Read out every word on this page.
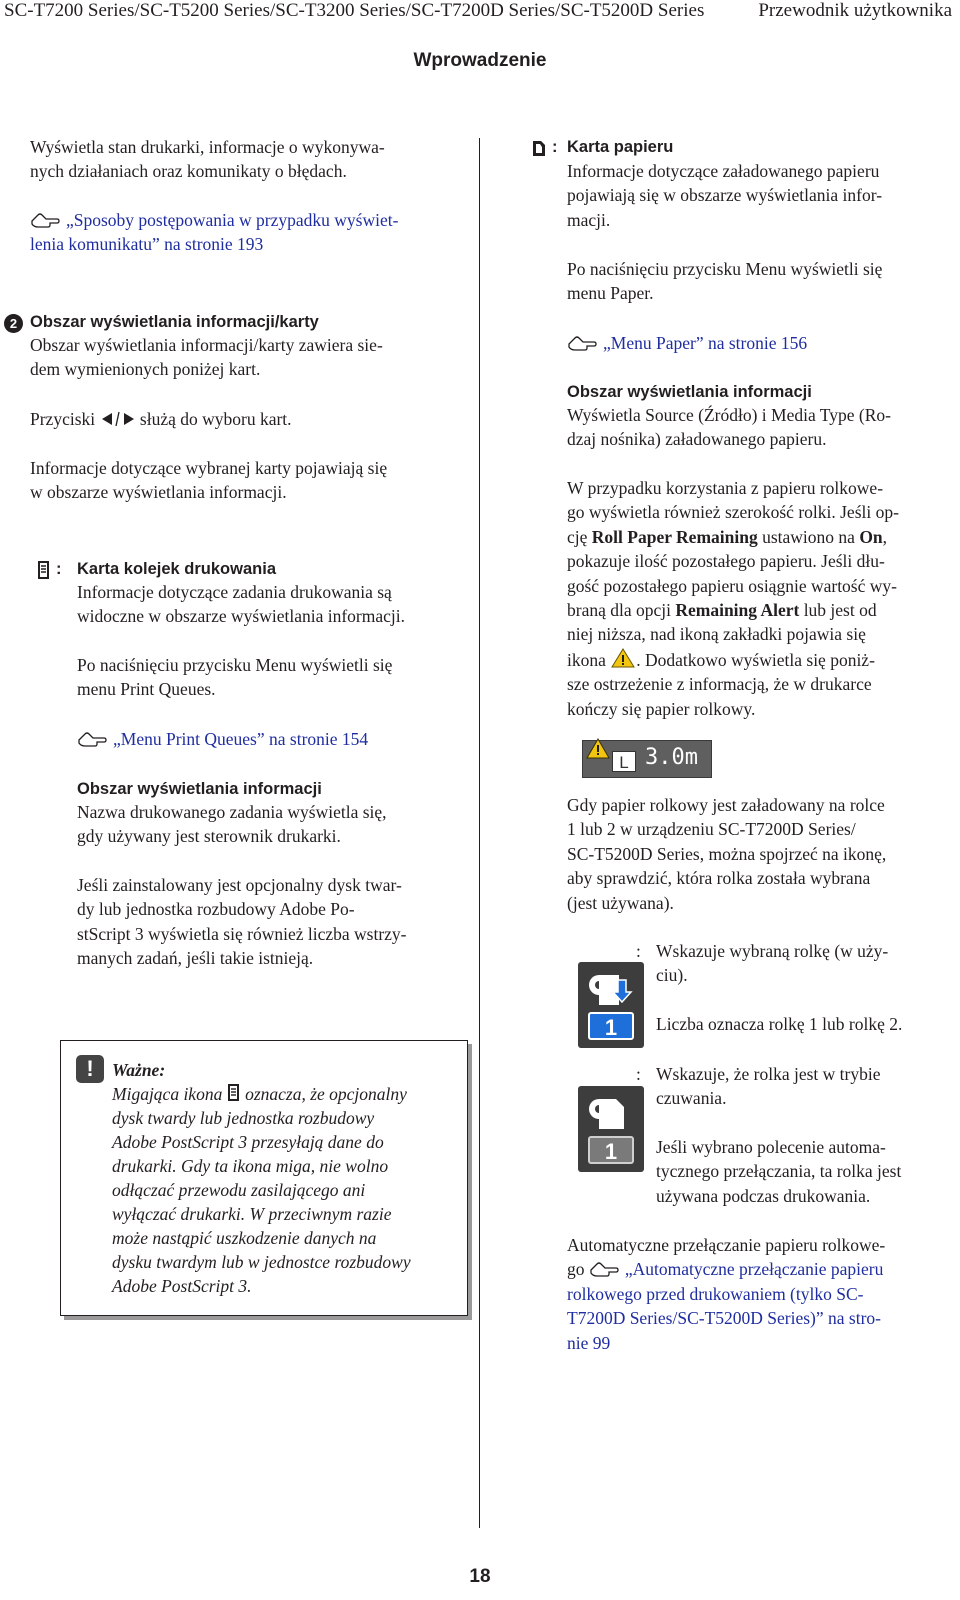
SC-T7200 Series/SC-T5200 Series/SC-T3200 Series/SC-T7200D Series/SC-T5200D Series	Przewodnik użytkownika
Wprowadzenie
Wyświetla stan drukarki, informacje o wykonywa-
nych działaniach oraz komunikaty o błędach.
„Sposoby postępowania w przypadku wyświet-
lenia komunikatu” na stronie 193
2 Obszar wyświetlania informacji/karty
Obszar wyświetlania informacji/karty zawiera sie-
dem wymienionych poniżej kart.
Przyciski	służą do wyboru kart.
Informacje dotyczące wybranej karty pojawiają się
w obszarze wyświetlania informacji.
: Karta kolejek drukowania
Informacje dotyczące zadania drukowania są
widoczne w obszarze wyświetlania informacji.
Po naciśnięciu przycisku Menu wyświetli się
menu Print Queues.
„Menu Print Queues” na stronie 154
Obszar wyświetlania informacji
Nazwa drukowanego zadania wyświetla się,
gdy używany jest sterownik drukarki.
Jeśli zainstalowany jest opcjonalny dysk twar-
dy lub jednostka rozbudowy Adobe Po-
stScript 3 wyświetla się również liczba wstrzy-
manych zadań, jeśli takie istnieją.
!	Ważne:
Migająca ikona oznacza, że opcjonalny
dysk twardy lub jednostka rozbudowy
Adobe PostScript 3 przesyłają dane do
drukarki. Gdy ta ikona miga, nie wolno
odłączać przewodu zasilającego ani
wyłączać drukarki. W przeciwnym razie
może nastąpić uszkodzenie danych na
dysku twardym lub w jednostce rozbudowy
Adobe PostScript 3.
: Karta papieru
Informacje dotyczące załadowanego papieru
pojawiają się w obszarze wyświetlania infor-
macji.
Po naciśnięciu przycisku Menu wyświetli się
menu Paper.
„Menu Paper” na stronie 156
Obszar wyświetlania informacji
Wyświetla Source (Źródło) i Media Type (Ro-
dzaj nośnika) załadowanego papieru.
W przypadku korzystania z papieru rolkowe-
go wyświetla również szerokość rolki. Jeśli op-
cję Roll Paper Remaining ustawiono na On,
pokazuje ilość pozostałego papieru. Jeśli dłu-
gość pozostałego papieru osiągnie wartość wy-
braną dla opcji Remaining Alert lub jest od
niej niższa, nad ikoną zakładki pojawia się
ikona . Dodatkowo wyświetla się poniż-
sze ostrzeżenie z informacją, że w drukarce
kończy się papier rolkowy.
L 3.0m
Gdy papier rolkowy jest załadowany na rolce
1 lub 2 w urządzeniu SC-T7200D Series/
SC-T5200D Series, można spojrzeć na ikonę,
aby sprawdzić, która rolka została wybrana
(jest używana).
1
: Wskazuje wybraną rolkę (w uży-
ciu).
Liczba oznacza rolkę 1 lub rolkę 2.
1
: Wskazuje, że rolka jest w trybie
czuwania.
Jeśli wybrano polecenie automa-
tycznego przełączania, ta rolka jest
używana podczas drukowania.
Automatyczne przełączanie papieru rolkowe-
go „Automatyczne przełączanie papieru
rolkowego przed drukowaniem (tylko SC-
T7200D Series/SC-T5200D Series)” na stro-
nie 99
18
